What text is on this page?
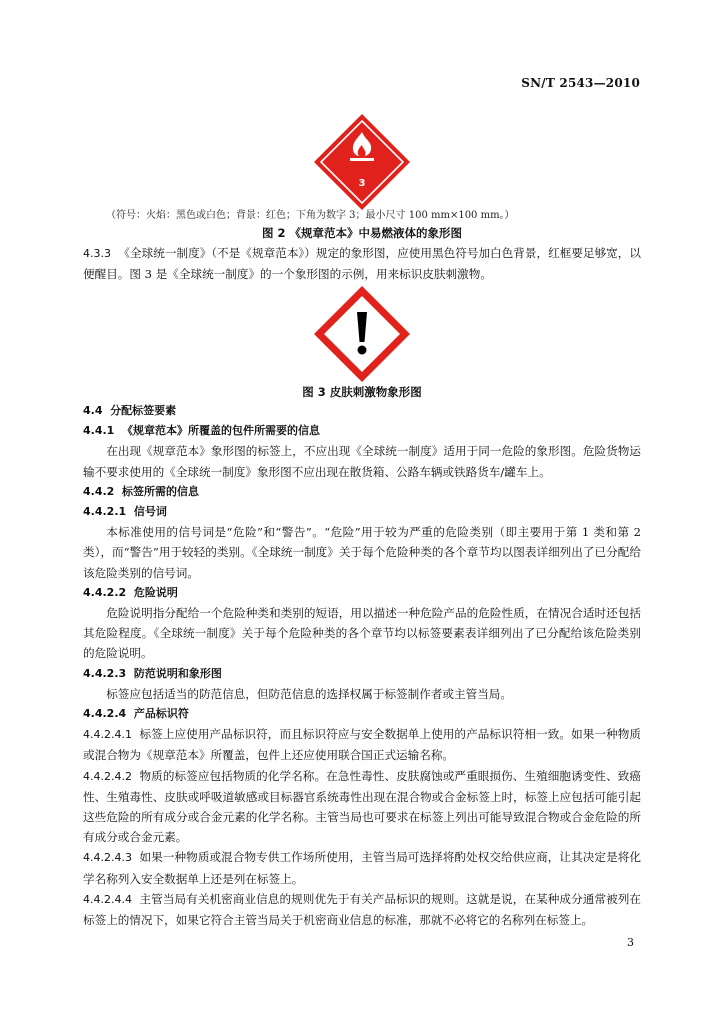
SN/T 2543—2010
3
（符号：火焰：黑色或白色；背景：红色；下角为数字 3；最小尺寸 100 mm×100 mm。）
图 2 《规章范本》中易燃液体的象形图

4.3.3 《全球统一制度》（不是《规章范本》）规定的象形图，应使用黑色符号加白色背景，红框要足够宽，以便醒目。图 3 是《全球统一制度》的一个象形图的示例，用来标识皮肤刺激物。

图 3 皮肤刺激物象形图

4.4 分配标签要素

4.4.1 《规章范本》所覆盖的包件所需要的信息

在出现《规章范本》象形图的标签上，不应出现《全球统一制度》适用于同一危险的象形图。危险货物运输不要求使用的《全球统一制度》象形图不应出现在散货箱、公路车辆或铁路货车/罐车上。

4.4.2 标签所需的信息

4.4.2.1 信号词

本标准使用的信号词是“危险”和“警告”。“危险”用于较为严重的危险类别（即主要用于第 1 类和第 2 类），而“警告”用于较轻的类别。《全球统一制度》关于每个危险种类的各个章节均以图表详细列出了已分配给该危险类别的信号词。

4.4.2.2 危险说明

危险说明指分配给一个危险种类和类别的短语，用以描述一种危险产品的危险性质，在情况合适时还包括其危险程度。《全球统一制度》关于每个危险种类的各个章节均以标签要素表详细列出了已分配给该危险类别的危险说明。

4.4.2.3 防范说明和象形图

标签应包括适当的防范信息，但防范信息的选择权属于标签制作者或主管当局。

4.4.2.4 产品标识符

4.4.2.4.1 标签上应使用产品标识符，而且标识符应与安全数据单上使用的产品标识符相一致。如果一种物质或混合物为《规章范本》所覆盖，包件上还应使用联合国正式运输名称。

4.4.2.4.2 物质的标签应包括物质的化学名称。在急性毒性、皮肤腐蚀或严重眼损伤、生殖细胞诱变性、致癌性、生殖毒性、皮肤或呼吸道敏感或目标器官系统毒性出现在混合物或合金标签上时，标签上应包括可能引起这些危险的所有成分或合金元素的化学名称。主管当局也可要求在标签上列出可能导致混合物或合金危险的所有成分或合金元素。

4.4.2.4.3 如果一种物质或混合物专供工作场所使用，主管当局可选择将酌处权交给供应商，让其决定是将化学名称列入安全数据单上还是列在标签上。

4.4.2.4.4 主管当局有关机密商业信息的规则优先于有关产品标识的规则。这就是说，在某种成分通常被列在标签上的情况下，如果它符合主管当局关于机密商业信息的标准，那就不必将它的名称列在标签上。

3
